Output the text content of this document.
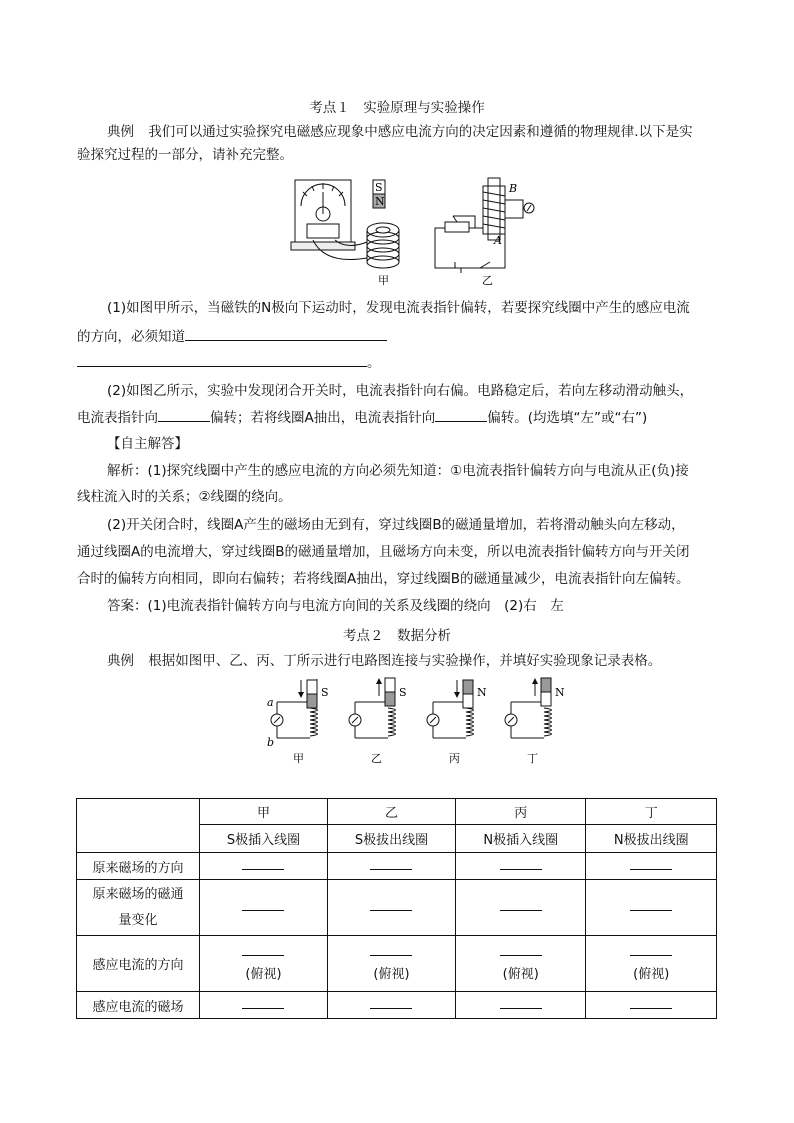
考点１　实验原理与实验操作
典例 我们可以通过实验探究电磁感应现象中感应电流方向的决定因素和遵循的物理规律.以下是实
验探究过程的一部分，请补充完整。
S
N
甲
B
A
乙
(1)如图甲所示，当磁铁的N极向下运动时，发现电流表指针偏转，若要探究线圈中产生的感应电流
的方向，必须知道
。
(2)如图乙所示，实验中发现闭合开关时，电流表指针向右偏。电路稳定后，若向左移动滑动触头，
电流表指针向	偏转；若将线圈A抽出，电流表指针向	偏转。(均选填“左”或“右”)
【自主解答】
解析：(1)探究线圈中产生的感应电流的方向必须先知道：①电流表指针偏转方向与电流从正(负)接
线柱流入时的关系；②线圈的绕向。
(2)开关闭合时，线圈A产生的磁场由无到有，穿过线圈B的磁通量增加，若将滑动触头向左移动，
通过线圈A的电流增大，穿过线圈B的磁通量增加，且磁场方向未变，所以电流表指针偏转方向与开关闭
合时的偏转方向相同，即向右偏转；若将线圈A抽出，穿过线圈B的磁通量减少，电流表指针向左偏转。
答案：(1)电流表指针偏转方向与电流方向间的关系及线圈的绕向　(2)右　左
考点２　数据分析
典例 根据如图甲、乙、丙、丁所示进行电路图连接与实验操作，并填好实验现象记录表格。
S
a
b
甲
S
乙
N
丙
N
丁
	甲	乙	丙	丁
	S极插入线圈	S极拔出线圈	N极插入线圈	N极拔出线圈
原来磁场的方向				
原来磁场的磁通
量变化				
感应电流的方向	(俯视)	(俯视)	(俯视)	(俯视)
感应电流的磁场				
